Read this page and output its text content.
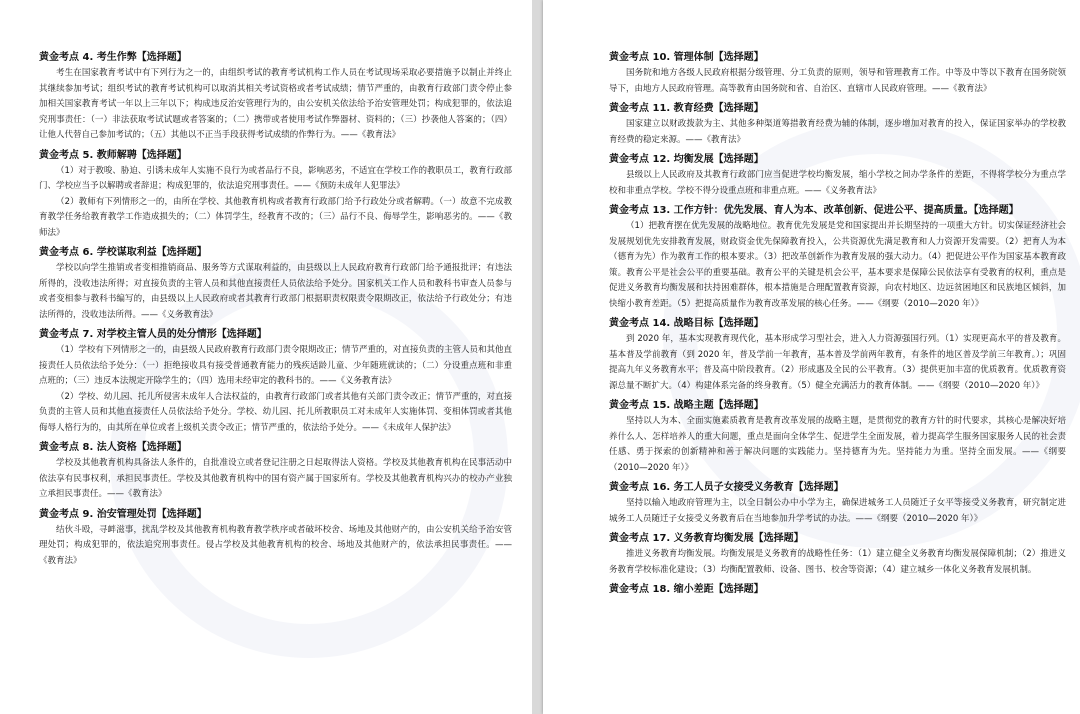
黄金考点 4. 考生作弊【选择题】

考生在国家教育考试中有下列行为之一的，由组织考试的教育考试机构工作人员在考试现场采取必要措施予以制止并终止其继续参加考试；组织考试的教育考试机构可以取消其相关考试资格或者考试成绩；情节严重的，由教育行政部门责令停止参加相关国家教育考试一年以上三年以下；构成违反治安管理行为的，由公安机关依法给予治安管理处罚；构成犯罪的，依法追究刑事责任：（一）非法获取考试试题或者答案的；（二）携带或者使用考试作弊器材、资料的；（三）抄袭他人答案的；（四）让他人代替自己参加考试的；（五）其他以不正当手段获得考试成绩的作弊行为。——《教育法》

黄金考点 5. 教师解聘【选择题】

（1）对于教唆、胁迫、引诱未成年人实施不良行为或者品行不良，影响恶劣，不适宜在学校工作的教职员工，教育行政部门、学校应当予以解聘或者辞退；构成犯罪的，依法追究刑事责任。——《预防未成年人犯罪法》

（2）教师有下列情形之一的，由所在学校、其他教育机构或者教育行政部门给予行政处分或者解聘。（一）故意不完成教育教学任务给教育教学工作造成损失的；（二）体罚学生，经教育不改的；（三）品行不良、侮辱学生，影响恶劣的。——《教师法》

黄金考点 6. 学校谋取利益【选择题】

学校以向学生推销或者变相推销商品、服务等方式谋取利益的，由县级以上人民政府教育行政部门给予通报批评；有违法所得的，没收违法所得；对直接负责的主管人员和其他直接责任人员依法给予处分。国家机关工作人员和教科书审查人员参与或者变相参与教科书编写的，由县级以上人民政府或者其教育行政部门根据职责权限责令限期改正，依法给予行政处分；有违法所得的，没收违法所得。——《义务教育法》

黄金考点 7. 对学校主管人员的处分情形【选择题】

（1）学校有下列情形之一的，由县级人民政府教育行政部门责令限期改正；情节严重的，对直接负责的主管人员和其他直接责任人员依法给予处分：（一）拒绝接收具有接受普通教育能力的残疾适龄儿童、少年随班就读的；（二）分设重点班和非重点班的；（三）违反本法规定开除学生的；（四）选用未经审定的教科书的。——《义务教育法》

（2）学校、幼儿园、托儿所侵害未成年人合法权益的，由教育行政部门或者其他有关部门责令改正；情节严重的，对直接负责的主管人员和其他直接责任人员依法给予处分。学校、幼儿园、托儿所教职员工对未成年人实施体罚、变相体罚或者其他侮辱人格行为的，由其所在单位或者上级机关责令改正；情节严重的，依法给予处分。——《未成年人保护法》

黄金考点 8. 法人资格【选择题】

学校及其他教育机构具备法人条件的，自批准设立或者登记注册之日起取得法人资格。学校及其他教育机构在民事活动中依法享有民事权利，承担民事责任。学校及其他教育机构中的国有资产属于国家所有。学校及其他教育机构兴办的校办产业独立承担民事责任。——《教育法》

黄金考点 9. 治安管理处罚【选择题】

结伙斗殴，寻衅滋事，扰乱学校及其他教育机构教育教学秩序或者破坏校舍、场地及其他财产的，由公安机关给予治安管理处罚；构成犯罪的，依法追究刑事责任。侵占学校及其他教育机构的校舍、场地及其他财产的，依法承担民事责任。——《教育法》

黄金考点 10. 管理体制【选择题】

国务院和地方各级人民政府根据分级管理、分工负责的原则，领导和管理教育工作。中等及中等以下教育在国务院领导下，由地方人民政府管理。高等教育由国务院和省、自治区、直辖市人民政府管理。——《教育法》

黄金考点 11. 教育经费【选择题】

国家建立以财政拨款为主、其他多种渠道筹措教育经费为辅的体制，逐步增加对教育的投入，保证国家举办的学校教育经费的稳定来源。——《教育法》

黄金考点 12. 均衡发展【选择题】

县级以上人民政府及其教育行政部门应当促进学校均衡发展，缩小学校之间办学条件的差距，不得将学校分为重点学校和非重点学校。学校不得分设重点班和非重点班。——《义务教育法》

黄金考点 13. 工作方针：优先发展、育人为本、改革创新、促进公平、提高质量。【选择题】

（1）把教育摆在优先发展的战略地位。教育优先发展是党和国家提出并长期坚持的一项重大方针。切实保证经济社会发展规划优先安排教育发展，财政资金优先保障教育投入，公共资源优先满足教育和人力资源开发需要。（2）把育人为本（德育为先）作为教育工作的根本要求。（3）把改革创新作为教育发展的强大动力。（4）把促进公平作为国家基本教育政策。教育公平是社会公平的重要基础。教育公平的关键是机会公平，基本要求是保障公民依法享有受教育的权利，重点是促进义务教育均衡发展和扶持困难群体，根本措施是合理配置教育资源，向农村地区、边远贫困地区和民族地区倾斜，加快缩小教育差距。（5）把提高质量作为教育改革发展的核心任务。——《纲要（2010—2020 年）》

黄金考点 14. 战略目标【选择题】

到 2020 年，基本实现教育现代化，基本形成学习型社会，进入人力资源强国行列。（1）实现更高水平的普及教育。基本普及学前教育（到 2020 年，普及学前一年教育，基本普及学前两年教育，有条件的地区普及学前三年教育。）；巩固提高九年义务教育水平；普及高中阶段教育。（2）形成惠及全民的公平教育。（3）提供更加丰富的优质教育。优质教育资源总量不断扩大。（4）构建体系完备的终身教育。（5）健全充满活力的教育体制。——《纲要（2010—2020 年）》

黄金考点 15. 战略主题【选择题】

坚持以人为本、全面实施素质教育是教育改革发展的战略主题，是贯彻党的教育方针的时代要求，其核心是解决好培养什么人、怎样培养人的重大问题，重点是面向全体学生、促进学生全面发展，着力提高学生服务国家服务人民的社会责任感、勇于探索的创新精神和善于解决问题的实践能力。坚持德育为先。坚持能力为重。坚持全面发展。——《纲要（2010—2020 年）》

黄金考点 16. 务工人员子女接受义务教育【选择题】

坚持以输入地政府管理为主，以全日制公办中小学为主，确保进城务工人员随迁子女平等接受义务教育，研究制定进城务工人员随迁子女接受义务教育后在当地参加升学考试的办法。——《纲要（2010—2020 年）》

黄金考点 17. 义务教育均衡发展【选择题】

推进义务教育均衡发展。均衡发展是义务教育的战略性任务：（1）建立健全义务教育均衡发展保障机制；（2）推进义务教育学校标准化建设；（3）均衡配置教师、设备、图书、校舍等资源；（4）建立城乡一体化义务教育发展机制。

黄金考点 18. 缩小差距【选择题】
